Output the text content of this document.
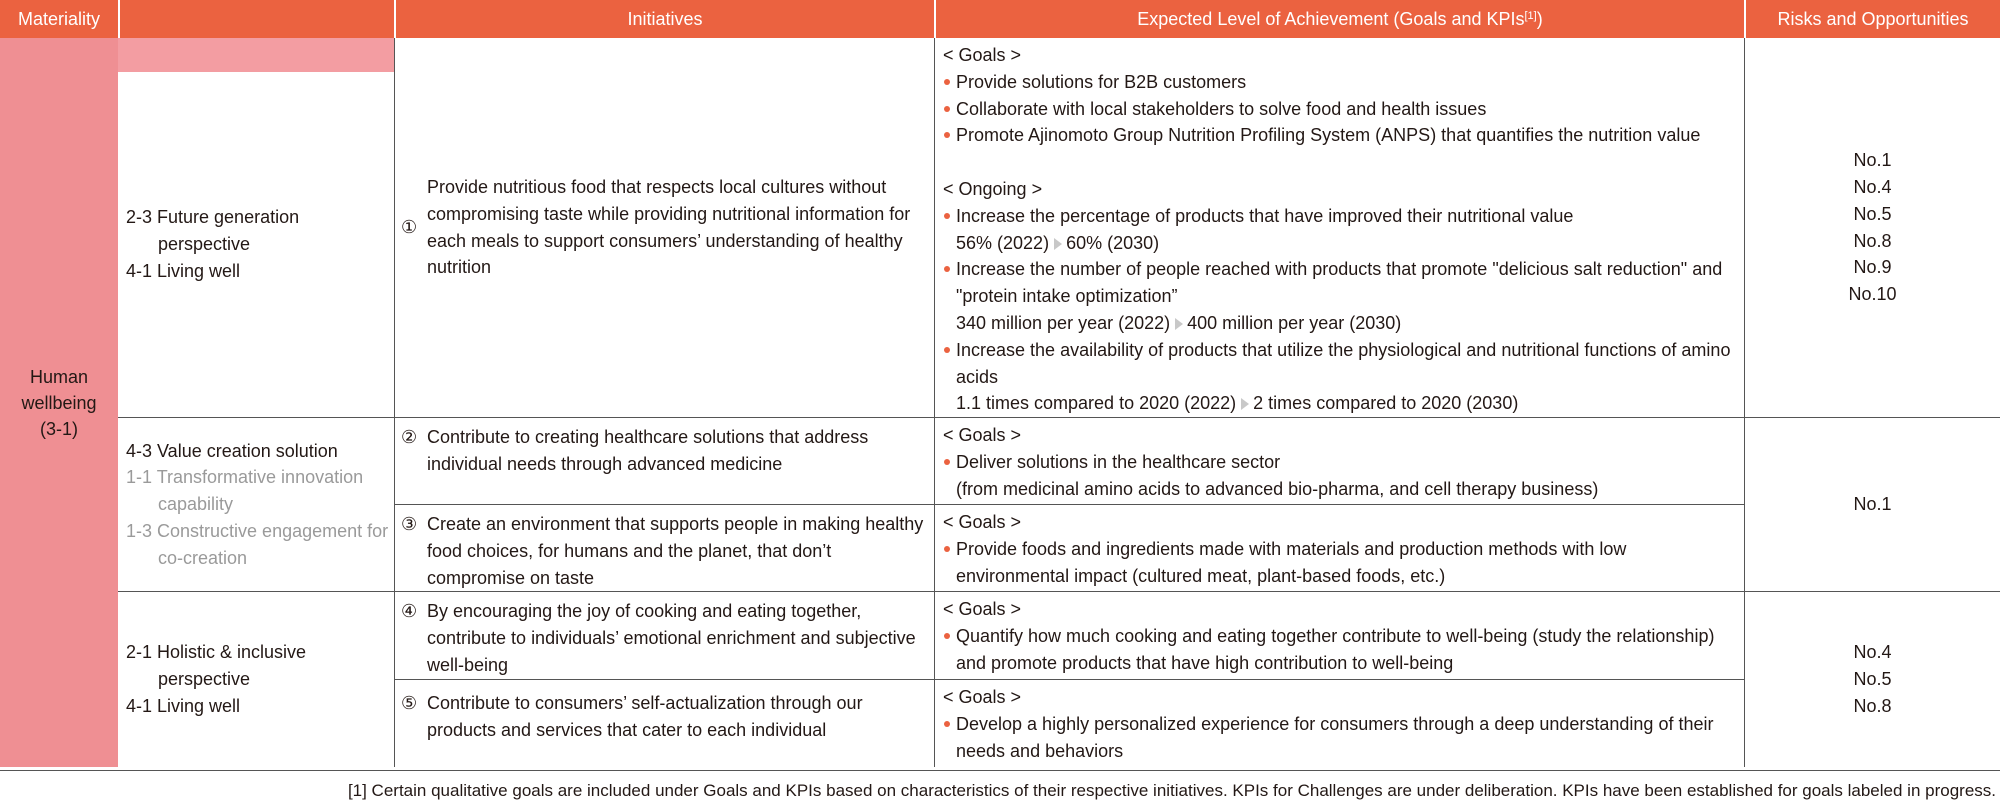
Materiality	Expected Level of Achievement (Goals and KPIs[1] )	Risks and Opportunities
Human
wellbeing
(3-1)
2-3 Future generation perspective
4-1 Living well
①
Provide nutritious food that respects local cultures without compromising taste while providing nutritional information for each meals to support consumers’ understanding of healthy nutrition
< Goals >
Provide solutions for B2B customers
Collaborate with local stakeholders to solve food and health issues
Promote Ajinomoto Group Nutrition Profiling System (ANPS) that quantifies the nutrition value
< Ongoing >
Increase the percentage of products that have improved their nutritional value
56% (2022) 60% (2030)
Increase the number of people reached with products that promote "delicious salt reduction" and "protein intake optimization”
340 million per year (2022) 400 million per year (2030)
Increase the availability of products that utilize the physiological and nutritional functions of amino acids
1.1 times compared to 2020 (2022) 2 times compared to 2020 (2030)
No.1
No.4
No.5
No.8
No.9
No.10
4-3 Value creation solution
1-1 Transformative innovation capability
1-3 Constructive engagement for co-creation
② Contribute to creating healthcare solutions that address individual needs through advanced medicine
< Goals >
Deliver solutions in the healthcare sector
(from medicinal amino acids to advanced bio-pharma, and cell therapy business)
③ Create an environment that supports people in making healthy food choices, for humans and the planet, that don’t compromise on taste
< Goals >
Provide foods and ingredients made with materials and production methods with low environmental impact (cultured meat, plant-based foods, etc.)
No.1
2-1 Holistic & inclusive perspective
4-1 Living well
④ By encouraging the joy of cooking and eating together, contribute to individuals’ emotional enrichment and subjective well-being
< Goals >
Quantify how much cooking and eating together contribute to well-being (study the relationship) and promote products that have high contribution to well-being
⑤ Contribute to consumers’ self-actualization through our products and services that cater to each individual
< Goals >
Develop a highly personalized experience for consumers through a deep understanding of their needs and behaviors
No.4
No.5
No.8
Initiatives
[1] Certain qualitative goals are included under Goals and KPIs based on characteristics of their respective initiatives. KPIs for Challenges are under deliberation. KPIs have been established for goals labeled in progress.
